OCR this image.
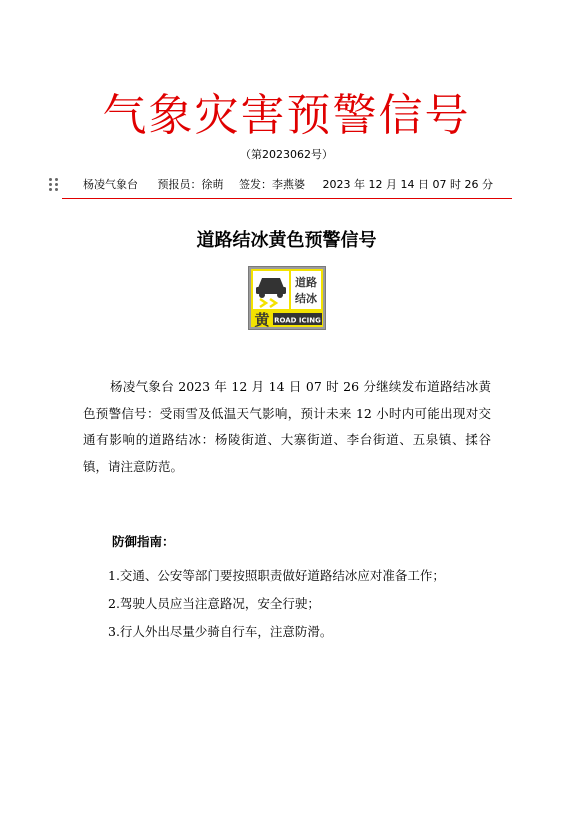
气象灾害预警信号
（第2023062号）
杨凌气象台 预报员：徐萌 签发：李燕婆 2023 年 12 月 14 日 07 时 26 分
道路结冰黄色预警信号
道路
结冰
黄 ROAD ICING
杨凌气象台 2023 年 12 月 14 日 07 时 26 分继续发布道路结冰黄色预警信号：受雨雪及低温天气影响，预计未来 12 小时内可能出现对交通有影响的道路结冰：杨陵街道、大寨街道、李台街道、五泉镇、揉谷镇，请注意防范。
防御指南：
1.交通、公安等部门要按照职责做好道路结冰应对准备工作；
2.驾驶人员应当注意路况，安全行驶；
3.行人外出尽量少骑自行车，注意防滑。
